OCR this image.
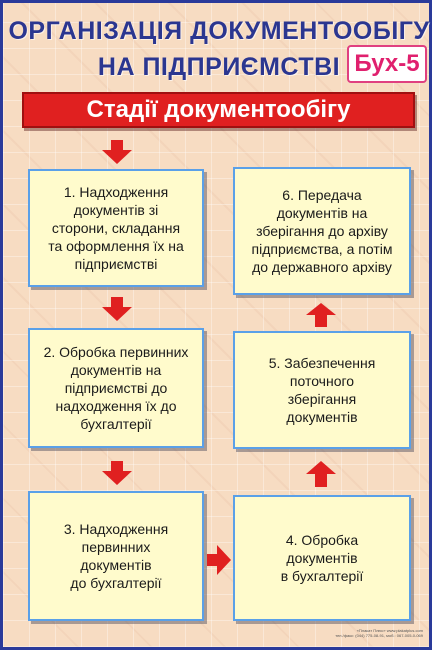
ОРГАНІЗАЦІЯ ДОКУМЕНТООБІГУ
НА ПІДПРИЄМСТВІ Бух-5
Стадії документообігу
1. Надходження
документів зі
сторони, складання
та оформлення їх на
підприємстві
2. Обробка первинних
документів на
підприємстві до
надходження їх до
бухгалтерії
3. Надходження
первинних
документів
до бухгалтерії
4. Обробка
документів
в бухгалтерії
5. Забезпечення
поточного
зберігання
документів
6. Передача
документів на
зберігання до архіву
підприємства, а потім
до державного архіву
«Плакат Плюс» www.plakatplus.com
тел./факс: (044) 775-08-91, моб.: 067-005-0-069
